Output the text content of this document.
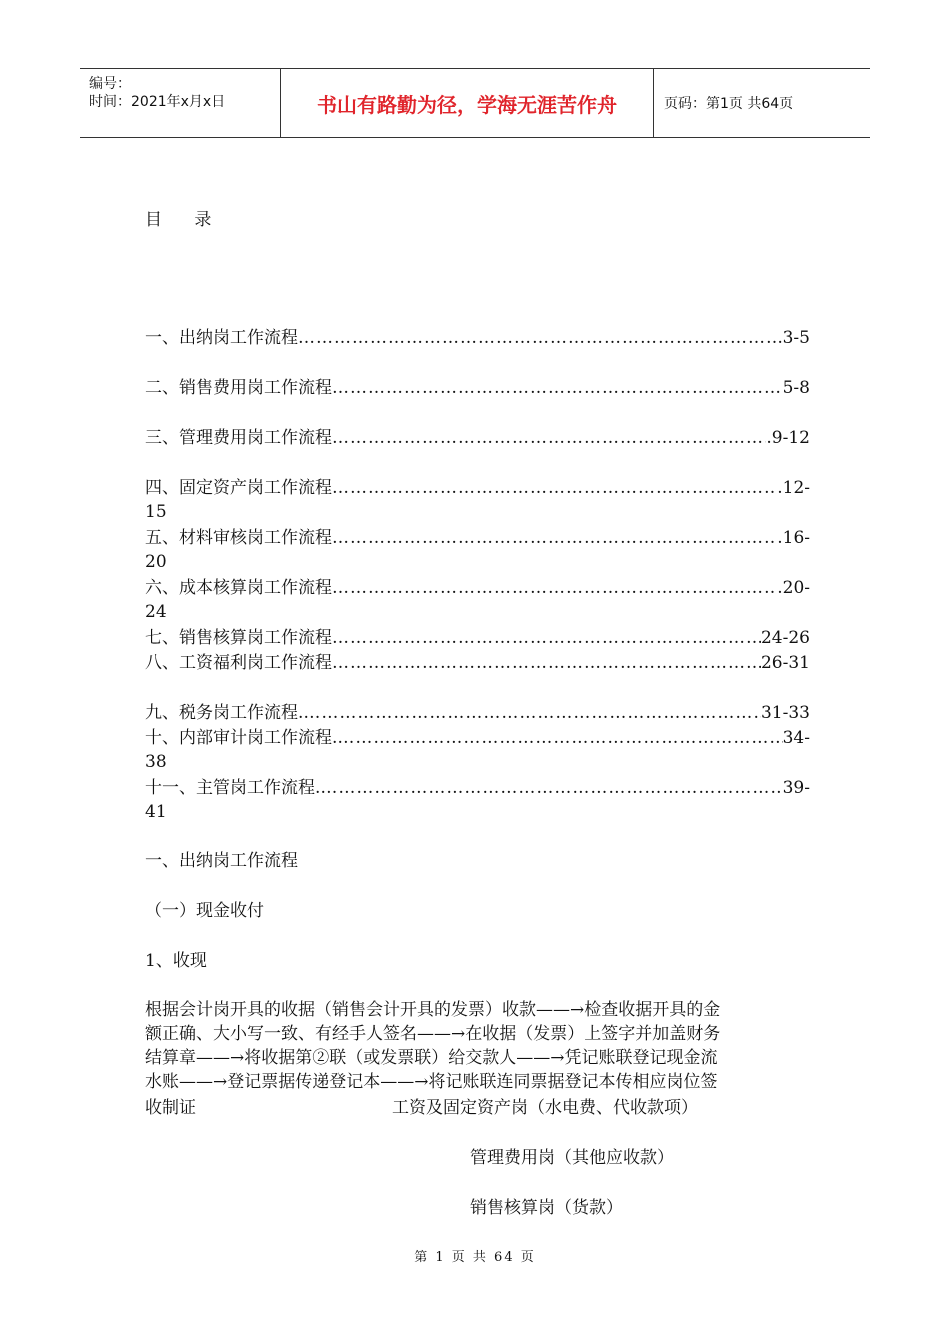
编号：
时间：2021年x月x日	书山有路勤为径，学海无涯苦作舟	页码：第1页 共64页
目      录
一、出纳岗工作流程 …………………………………………………………………………………………………………………………………………………	3-5
二、销售费用岗工作流程 …………………………………………………………………………………………………………………………………………………	5-8
三、管理费用岗工作流程 …………………………………………………………………………………………………………………………………………………	.9-12
四、固定资产岗工作流程 …………………………………………………………………………………………………………………………………………………	.12-
15
五、材料审核岗工作流程 …………………………………………………………………………………………………………………………………………………	.16-
20
六、成本核算岗工作流程 …………………………………………………………………………………………………………………………………………………	.20-
24
七、销售核算岗工作流程 …………………………………………………………………………………………………………………………………………………	24-26
八、工资福利岗工作流程 …………………………………………………………………………………………………………………………………………………	26-31
九、税务岗工作流程. …………………………………………………………………………………………………………………………………………………	31-33
十、内部审计岗工作流程. …………………………………………………………………………………………………………………………………………………	34-
38
十一、主管岗工作流程. …………………………………………………………………………………………………………………………………………………	39-
41
一、出纳岗工作流程
（一）现金收付
1、收现
根据会计岗开具的收据（销售会计开具的发票）收款——→检查收据开具的金
额正确、大小写一致、有经手人签名——→在收据（发票）上签字并加盖财务
结算章——→将收据第②联（或发票联）给交款人——→凭记账联登记现金流
水账——→登记票据传递登记本——→将记账联连同票据登记本传相应岗位签
收制证	工资及固定资产岗（水电费、代收款项）
管理费用岗（其他应收款）
销售核算岗（货款）
第 1 页 共 64 页
